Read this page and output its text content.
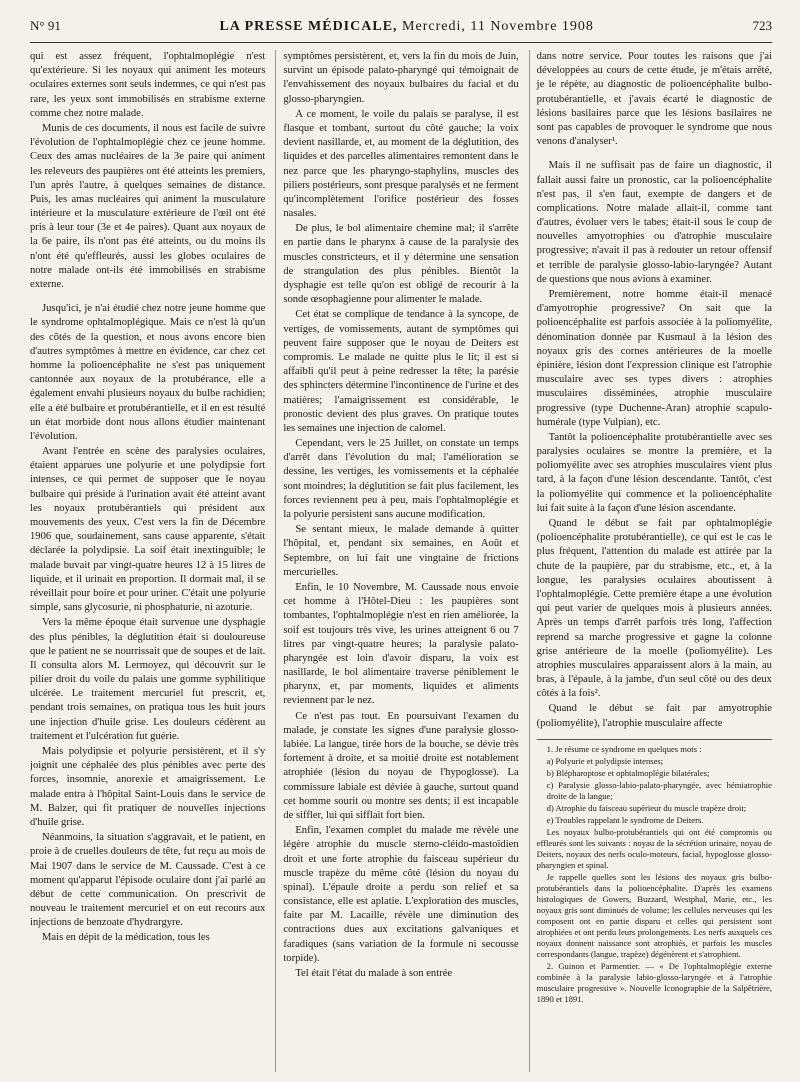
N° 91	LA PRESSE MÉDICALE, Mercredi, 11 Novembre 1908	723

qui est assez fréquent, l'ophtalmoplégie n'est qu'extérieure. Si les noyaux qui animent les moteurs oculaires externes sont seuls indemnes, ce qui n'est pas rare, les yeux sont immobilisés en strabisme externe comme chez notre malade.

Munis de ces documents, il nous est facile de suivre l'évolution de l'ophtalmoplégie chez ce jeune homme. Ceux des amas nucléaires de la 3e paire qui animent les releveurs des paupières ont été atteints les premiers, l'un après l'autre, à quelques semaines de distance. Puis, les amas nucléaires qui animent la musculature intérieure et la musculature extérieure de l'œil ont été pris à leur tour (3e et 4e paires). Quant aux noyaux de la 6e paire, ils n'ont pas été atteints, ou du moins ils n'ont été qu'effleurés, aussi les globes oculaires de notre malade ont-ils été immobilisés en strabisme externe.

Jusqu'ici, je n'ai étudié chez notre jeune homme que le syndrome ophtalmoplégique. Mais ce n'est là qu'un des côtés de la question, et nous avons encore bien d'autres symptômes à mettre en évidence, car chez cet homme la polioencéphalite ne s'est pas uniquement cantonnée aux noyaux de la protubérance, elle a également envahi plusieurs noyaux du bulbe rachidien; elle a été bulbaire et protubérantielle, et il en est résulté un état morbide dont nous allons étudier maintenant l'évolution.

Avant l'entrée en scène des paralysies oculaires, étaient apparues une polyurie et une polydipsie fort intenses, ce qui permet de supposer que le noyau bulbaire qui préside à l'urination avait été atteint avant les noyaux protubérantiels qui président aux mouvements des yeux. C'est vers la fin de Décembre 1906 que, soudainement, sans cause apparente, s'était déclarée la polydipsie. La soif était inextinguible; le malade buvait par vingt-quatre heures 12 à 15 litres de liquide, et il urinait en proportion. Il dormait mal, il se réveillait pour boire et pour uriner. C'était une polyurie simple, sans glycosurie, ni phosphaturie, ni azoturie.

Vers la même époque était survenue une dysphagie des plus pénibles, la déglutition était si douloureuse que le patient ne se nourrissait que de soupes et de lait. Il consulta alors M. Lermoyez, qui découvrit sur le pilier droit du voile du palais une gomme syphilitique ulcérée. Le traitement mercuriel fut prescrit, et, pendant trois semaines, on pratiqua tous les huit jours une injection d'huile grise. Les douleurs cédèrent au traitement et l'ulcération fut guérie.

Mais polydipsie et polyurie persistèrent, et il s'y joignit une céphalée des plus pénibles avec perte des forces, insomnie, anorexie et amaigrissement. Le malade entra à l'hôpital Saint-Louis dans le service de M. Balzer, qui fit pratiquer de nouvelles injections d'huile grise.

Néanmoins, la situation s'aggravait, et le patient, en proie à de cruelles douleurs de tête, fut reçu au mois de Mai 1907 dans le service de M. Caussade. C'est à ce moment qu'apparut l'épisode oculaire dont j'ai parlé au début de cette communication. On prescrivit de nouveau le traitement mercuriel et on eut recours aux injections de benzoate d'hydrargyre.

Mais en dépit de la médication, tous les

symptômes persistèrent, et, vers la fin du mois de Juin, survint un épisode palato-pharyngé qui témoignait de l'envahissement des noyaux bulbaires du facial et du glosso-pharyngien.

A ce moment, le voile du palais se paralyse, il est flasque et tombant, surtout du côté gauche; la voix devient nasillarde, et, au moment de la déglutition, des liquides et des parcelles alimentaires remontent dans le nez parce que les pharyngo-staphylins, muscles des piliers postérieurs, sont presque paralysés et ne ferment qu'incomplètement l'orifice postérieur des fosses nasales.

De plus, le bol alimentaire chemine mal; il s'arrête en partie dans le pharynx à cause de la paralysie des muscles constricteurs, et il y détermine une sensation de strangulation des plus pénibles. Bientôt la dysphagie est telle qu'on est obligé de recourir à la sonde œsophagienne pour alimenter le malade.

Cet état se complique de tendance à la syncope, de vertiges, de vomissements, autant de symptômes qui peuvent faire supposer que le noyau de Deiters est compromis. Le malade ne quitte plus le lit; il est si affaibli qu'il peut à peine redresser la tête; la parésie des sphincters détermine l'incontinence de l'urine et des matières; l'amaigrissement est considérable, le pronostic devient des plus graves. On pratique toutes les semaines une injection de calomel.

Cependant, vers le 25 Juillet, on constate un temps d'arrêt dans l'évolution du mal; l'amélioration se dessine, les vertiges, les vomissements et la céphalée sont moindres; la déglutition se fait plus facilement, les forces reviennent peu à peu, mais l'ophtalmoplégie et la polyurie persistent sans aucune modification.

Se sentant mieux, le malade demande à quitter l'hôpital, et, pendant six semaines, en Août et Septembre, on lui fait une vingtaine de frictions mercurielles.

Enfin, le 10 Novembre, M. Caussade nous envoie cet homme à l'Hôtel-Dieu : les paupières sont tombantes, l'ophtalmoplégie n'est en rien améliorée, la soif est toujours très vive, les urines atteignent 6 ou 7 litres par vingt-quatre heures; la paralysie palato-pharyngée est loin d'avoir disparu, la voix est nasillarde, le bol alimentaire traverse péniblement le pharynx, et, par moments, liquides et aliments reviennent par le nez.

Ce n'est pas tout. En poursuivant l'examen du malade, je constate les signes d'une paralysie glosso-labiée. La langue, tirée hors de la bouche, se dévie très fortement à droite, et sa moitié droite est notablement atrophiée (lésion du noyau de l'hypoglosse). La commissure labiale est déviée à gauche, surtout quand cet homme sourit ou montre ses dents; il est incapable de siffler, lui qui sifflait fort bien.

Enfin, l'examen complet du malade me révèle une légère atrophie du muscle sterno-cléido-mastoïdien droit et une forte atrophie du faisceau supérieur du muscle trapèze du même côté (lésion du noyau du spinal). L'épaule droite a perdu son relief et sa consistance, elle est aplatie. L'exploration des muscles, faite par M. Lacaille, révèle une diminution des contractions dues aux excitations galvaniques et faradiques (sans variation de la formule ni secousse torpide).

Tel était l'état du malade à son entrée

dans notre service. Pour toutes les raisons que j'ai développées au cours de cette étude, je m'étais arrêté, je le répète, au diagnostic de polioencéphalite bulbo-protubérantielle, et j'avais écarté le diagnostic de lésions basilaires parce que les lésions basilaires ne sont pas capables de provoquer le syndrome que nous venons d'analyser¹.

Mais il ne suffisait pas de faire un diagnostic, il fallait aussi faire un pronostic, car la polioencéphalite n'est pas, il s'en faut, exempte de dangers et de complications. Notre malade allait-il, comme tant d'autres, évoluer vers le tabes; était-il sous le coup de nouvelles amyotrophies ou d'atrophie musculaire progressive; n'avait il pas à redouter un retour offensif et terrible de paralysie glosso-labio-laryngée? Autant de questions que nous avions à examiner.

Premièrement, notre homme était-il menacé d'amyotrophie progressive? On sait que la polioencéphalite est parfois associée à la poliomyélite, dénomination donnée par Kusmaul à la lésion des noyaux gris des cornes antérieures de la moelle épinière, lésion dont l'expression clinique est l'atrophie musculaire avec ses types divers : atrophies musculaires disséminées, atrophie musculaire progressive (type Duchenne-Aran) atrophie scapulo-humérale (type Vulpian), etc.

Tantôt la polioencéphalite protubérantielle avec ses paralysies oculaires se montre la première, et la poliomyélite avec ses atrophies musculaires vient plus tard, à la façon d'une lésion descendante. Tantôt, c'est la poliomyélite qui commence et la polioencéphalite lui fait suite à la façon d'une lésion ascendante.

Quand le début se fait par ophtalmoplégie (polioencéphalite protubérantielle), ce qui est le cas le plus fréquent, l'attention du malade est attirée par la chute de la paupière, par du strabisme, etc., et, à la longue, les paralysies oculaires aboutissent à l'ophtalmoplégie. Cette première étape a une évolution qui peut varier de quelques mois à plusieurs années. Après un temps d'arrêt parfois très long, l'affection reprend sa marche progressive et gagne la colonne grise antérieure de la moelle (poliomyélite). Les atrophies musculaires apparaissent alors à la main, au bras, à l'épaule, à la jambe, d'un seul côté ou des deux côtés à la fois².

Quand le début se fait par amyotrophie (poliomyélite), l'atrophie musculaire affecte

1. Je résume ce syndrome en quelques mots :

a) Polyurie et polydipsie intenses;

b) Blépharoptose et ophtalmoplégie bilatérales;

c) Paralysie glosso-labio-palato-pharyngée, avec hémiatrophie droite de la langue;

d) Atrophie du faisceau supérieur du muscle trapèze droit;

e) Troubles rappelant le syndrome de Deiters.

Les noyaux bulbo-protubérantiels qui ont été compromis ou effleurés sont les suivants : noyau de la sécrétion urinaire, noyau de Deiters, noyaux des nerfs oculo-moteurs, facial, hypoglosse glosso-pharyngien et spinal.

Je rappelle quelles sont les lésions des noyaux gris bulbo-protubérantiels dans la polioencéphalite. D'après les examens histologiques de Gowers, Buzzard, Westphal, Marie, etc., les noyaux gris sont diminués de volume; les cellules nerveuses qui les composent ont en partie disparu et celles qui persistent sont atrophiées et ont perdu leurs prolongements. Les nerfs auxquels ces noyaux donnent naissance sont atrophiés, et parfois les muscles correspondants (langue, trapèze) dégénèrent et s'atrophient.

2. Guinon et Parmentier. — « De l'ophtalmoplégie externe combinée à la paralysie labio-glosso-laryngée et à l'atrophie musculaire progressive ». Nouvelle Iconographie de la Salpêtrière, 1890 et 1891.
